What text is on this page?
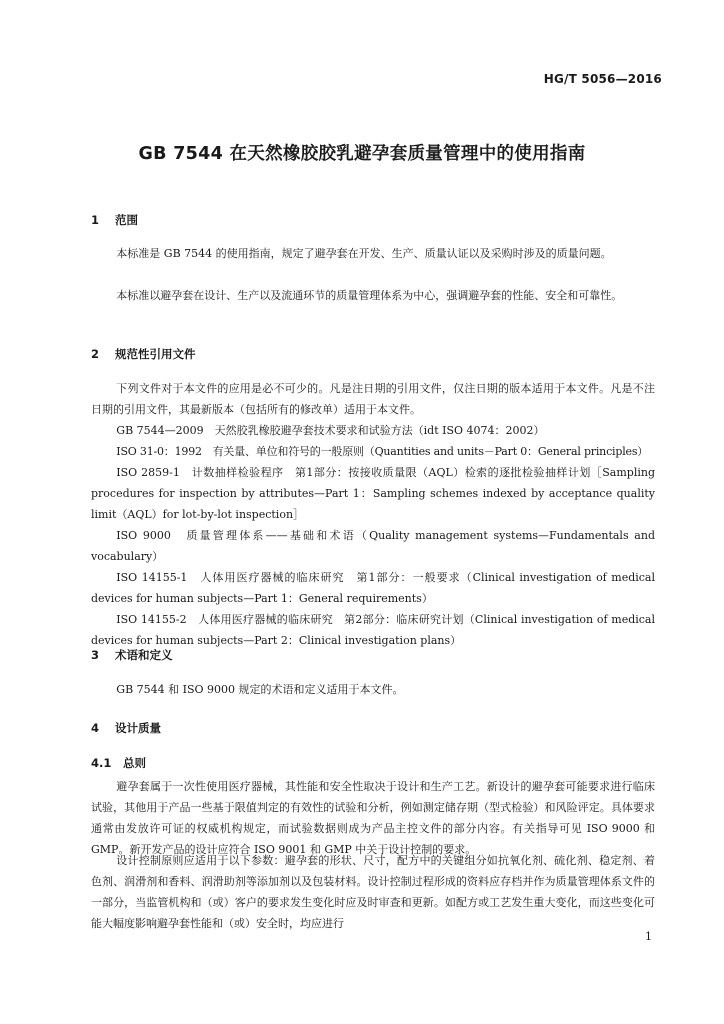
HG/T 5056—2016
GB 7544 在天然橡胶胶乳避孕套质量管理中的使用指南
1 范围

本标准是 GB 7544 的使用指南，规定了避孕套在开发、生产、质量认证以及采购时涉及的质量问题。

本标准以避孕套在设计、生产以及流通环节的质量管理体系为中心，强调避孕套的性能、安全和可靠性。

2 规范性引用文件

下列文件对于本文件的应用是必不可少的。凡是注日期的引用文件，仅注日期的版本适用于本文件。凡是不注日期的引用文件，其最新版本（包括所有的修改单）适用于本文件。

GB 7544—2009　天然胶乳橡胶避孕套技术要求和试验方法（idt ISO 4074：2002）

ISO 31-0：1992　有关量、单位和符号的一般原则（Quantities and units－Part 0：General principles）

ISO 2859-1　计数抽样检验程序　第1部分：按接收质量限（AQL）检索的逐批检验抽样计划［Sampling procedures for inspection by attributes—Part 1：Sampling schemes indexed by acceptance quality limit（AQL）for lot-by-lot inspection］

ISO 9000　质量管理体系——基础和术语（Quality management systems—Fundamentals and vocabulary）

ISO 14155-1　人体用医疗器械的临床研究　第1部分：一般要求（Clinical investigation of medical devices for human subjects—Part 1：General requirements）

ISO 14155-2　人体用医疗器械的临床研究　第2部分：临床研究计划（Clinical investigation of medical devices for human subjects—Part 2：Clinical investigation plans）

3 术语和定义

GB 7544 和 ISO 9000 规定的术语和定义适用于本文件。

4 设计质量
4.1 总则

避孕套属于一次性使用医疗器械，其性能和安全性取决于设计和生产工艺。新设计的避孕套可能要求进行临床试验，其他用于产品一些基于限值判定的有效性的试验和分析，例如测定储存期（型式检验）和风险评定。具体要求通常由发放许可证的权威机构规定，而试验数据则成为产品主控文件的部分内容。有关指导可见 ISO 9000 和 GMP。新开发产品的设计应符合 ISO 9001 和 GMP 中关于设计控制的要求。

设计控制原则应适用于以下参数：避孕套的形状、尺寸，配方中的关键组分如抗氧化剂、硫化剂、稳定剂、着色剂、润滑剂和香料、润滑助剂等添加剂以及包装材料。设计控制过程形成的资料应存档并作为质量管理体系文件的一部分，当监管机构和（或）客户的要求发生变化时应及时审查和更新。如配方或工艺发生重大变化，而这些变化可能大幅度影响避孕套性能和（或）安全时，均应进行

1
